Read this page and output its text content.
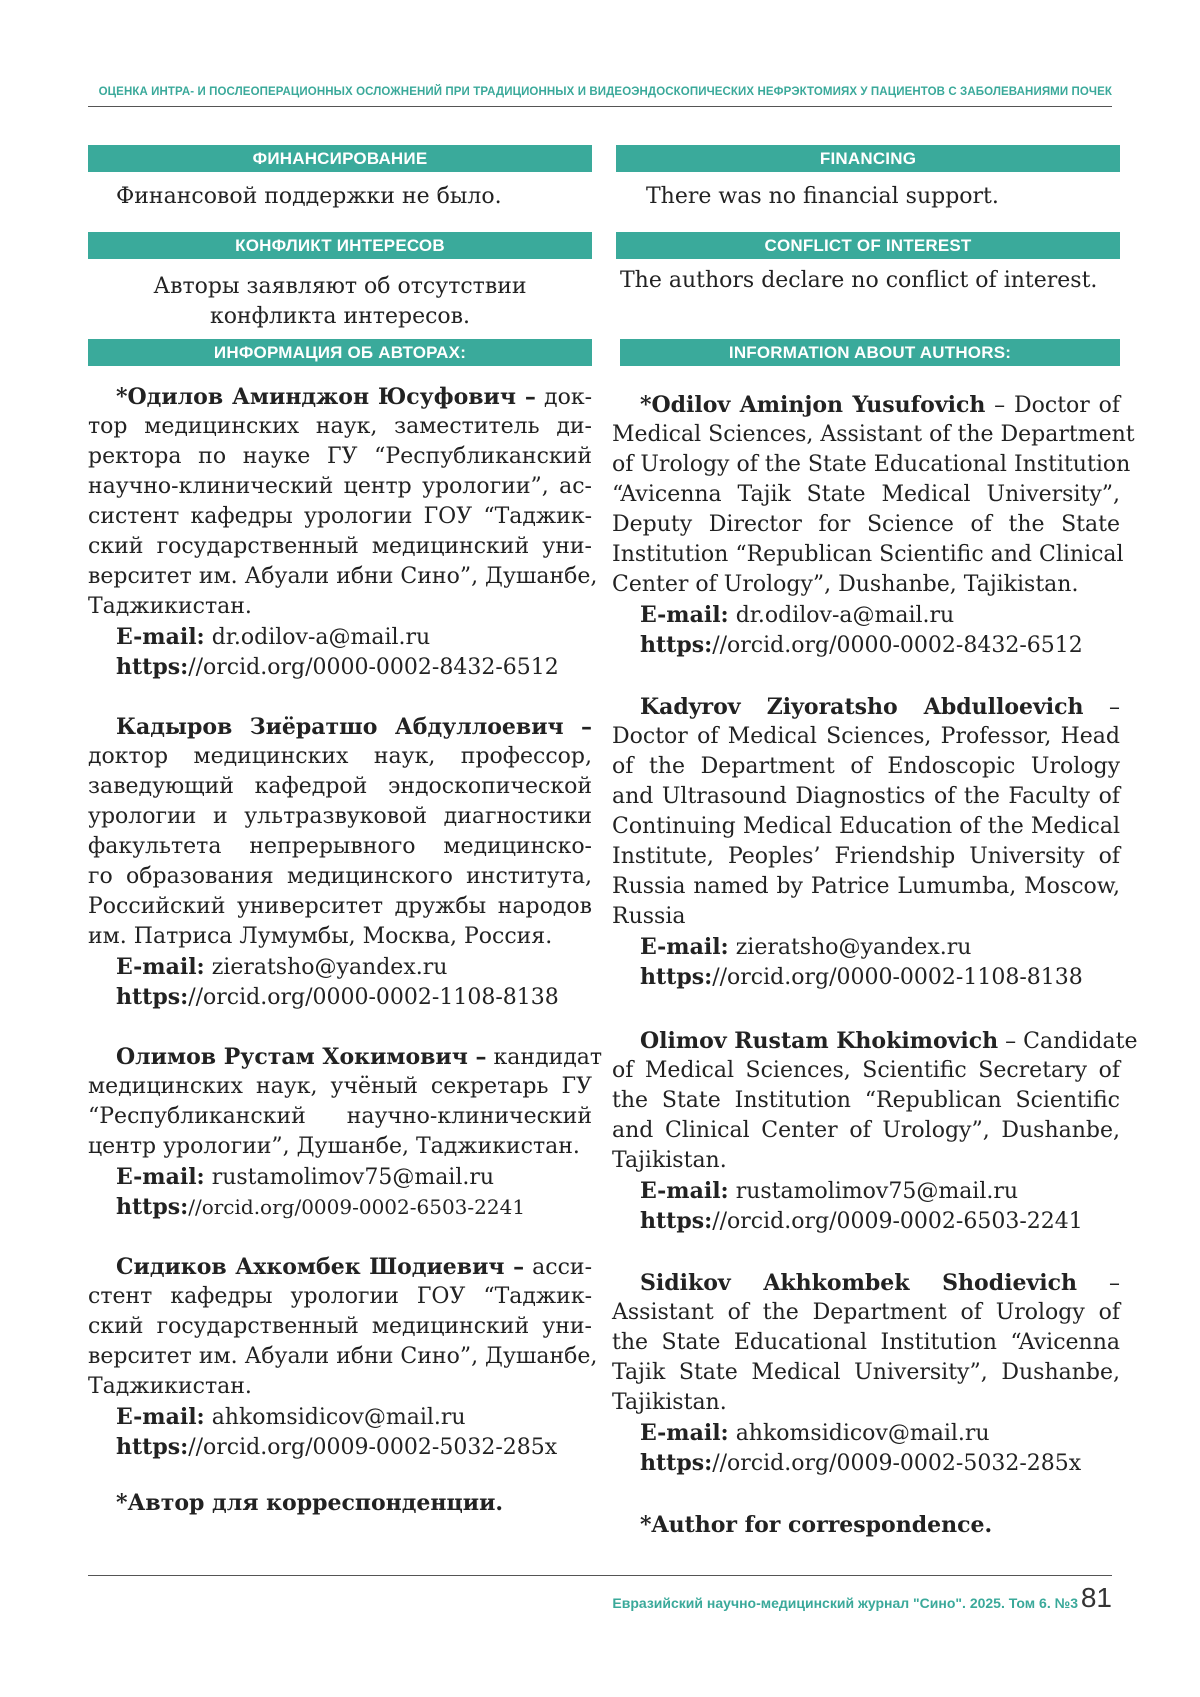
ОЦЕНКА ИНТРА- И ПОСЛЕОПЕРАЦИОННЫХ ОСЛОЖНЕНИЙ ПРИ ТРАДИЦИОННЫХ И ВИДЕОЭНДОСКОПИЧЕСКИХ НЕФРЭКТОМИЯХ У ПАЦИЕНТОВ С ЗАБОЛЕВАНИЯМИ ПОЧЕК
ФИНАНСИРОВАНИЕ
Финансовой поддержки не было.
КОНФЛИКТ ИНТЕРЕСОВ
Авторы заявляют об отсутствии
конфликта интересов.
ИНФОРМАЦИЯ ОБ АВТОРАХ:
*Одилов Аминджон Юсуфович – док-
тор медицинских наук, заместитель ди-
ректора по науке ГУ “Республиканский
научно-клинический центр урологии”, ас-
систент кафедры урологии ГОУ “Таджик-
ский государственный медицинский уни-
верситет им. Абуали ибни Сино”, Душанбе,
Таджикистан.
E-mail: dr.odilov-a@mail.ru
https://orcid.org/0000-0002-8432-6512
Кадыров Зиёратшо Абдуллоевич –
доктор медицинских наук, профессор,
заведующий кафедрой эндоскопической
урологии и ультразвуковой диагностики
факультета непрерывного медицинско-
го образования медицинского института,
Российский университет дружбы народов
им. Патриса Лумумбы, Москва, Россия.
E-mail: zieratsho@yandex.ru
https://orcid.org/0000-0002-1108-8138
Олимов Рустам Хокимович – кандидат
медицинских наук, учёный секретарь ГУ
“Республиканский научно-клинический
центр урологии”, Душанбе, Таджикистан.
E-mail: rustamolimov75@mail.ru
https://orcid.org/0009-0002-6503-2241
Сидиков Ахкомбек Шодиевич – асси-
стент кафедры урологии ГОУ “Таджик-
ский государственный медицинский уни-
верситет им. Абуали ибни Сино”, Душанбе,
Таджикистан.
E-mail: ahkomsidicov@mail.ru
https://orcid.org/0009-0002-5032-285x
*Автор для корреспонденции.
FINANCING
There was no financial support.
CONFLICT OF INTEREST
The authors declare no conflict of interest.
INFORMATION ABOUT AUTHORS:
*Odilov Aminjon Yusufovich – Doctor of
Medical Sciences, Assistant of the Department
of Urology of the State Educational Institution
“Avicenna Tajik State Medical University”,
Deputy Director for Science of the State
Institution “Republican Scientific and Clinical
Center of Urology”, Dushanbe, Tajikistan.
E-mail: dr.odilov-a@mail.ru
https://orcid.org/0000-0002-8432-6512
Kadyrov Ziyoratsho Abdulloevich –
Doctor of Medical Sciences, Professor, Head
of the Department of Endoscopic Urology
and Ultrasound Diagnostics of the Faculty of
Continuing Medical Education of the Medical
Institute, Peoples’ Friendship University of
Russia named by Patrice Lumumba, Moscow,
Russia
E-mail: zieratsho@yandex.ru
https://orcid.org/0000-0002-1108-8138
Olimov Rustam Khokimovich – Candidate
of Medical Sciences, Scientific Secretary of
the State Institution “Republican Scientific
and Clinical Center of Urology”, Dushanbe,
Tajikistan.
E-mail: rustamolimov75@mail.ru
https://orcid.org/0009-0002-6503-2241
Sidikov Akhkombek Shodievich –
Assistant of the Department of Urology of
the State Educational Institution “Avicenna
Tajik State Medical University”, Dushanbe,
Tajikistan.
E-mail: ahkomsidicov@mail.ru
https://orcid.org/0009-0002-5032-285x
*Author for correspondence.
Евразийский научно-медицинский журнал "Сино". 2025. Том 6. №3 81
